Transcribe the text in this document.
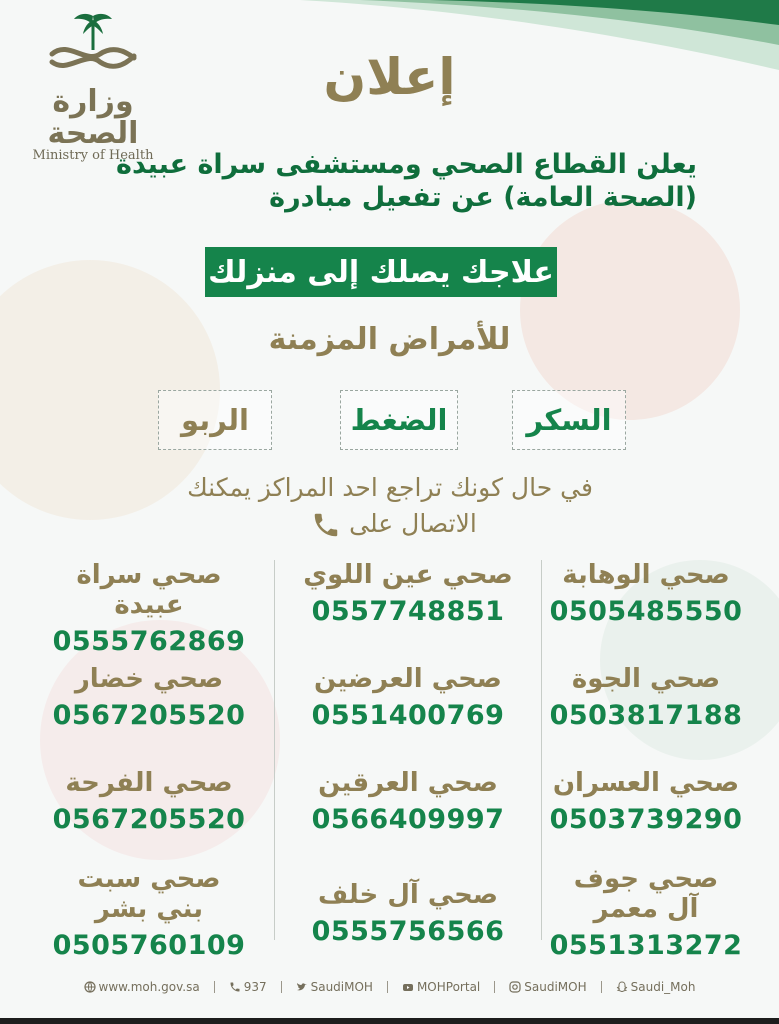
وزارة الصحة
Ministry of Health
إعلان
يعلن القطاع الصحي ومستشفى سراة عبيدة
(الصحة العامة) عن تفعيل مبادرة
علاجك يصلك إلى منزلك
للأمراض المزمنة
السكر
الضغط
الربو
في حال كونك تراجع احد المراكز يمكنك
الاتصال على
صحي الوهابة
0505485550
صحي الجوة
0503817188
صحي العسران
0503739290
صحي جوف
آل معمر
0551313272
صحي عين اللوي
0557748851
صحي العرضين
0551400769
صحي العرقين
0566409997
صحي آل خلف
0555756566
صحي سراة عبيدة
0555762869
صحي خضار
0567205520
صحي الفرحة
0567205520
صحي سبت
بني بشر
0505760109
www.moh.gov.sa	937	SaudiMOH	MOHPortal	SaudiMOH	Saudi_Moh
